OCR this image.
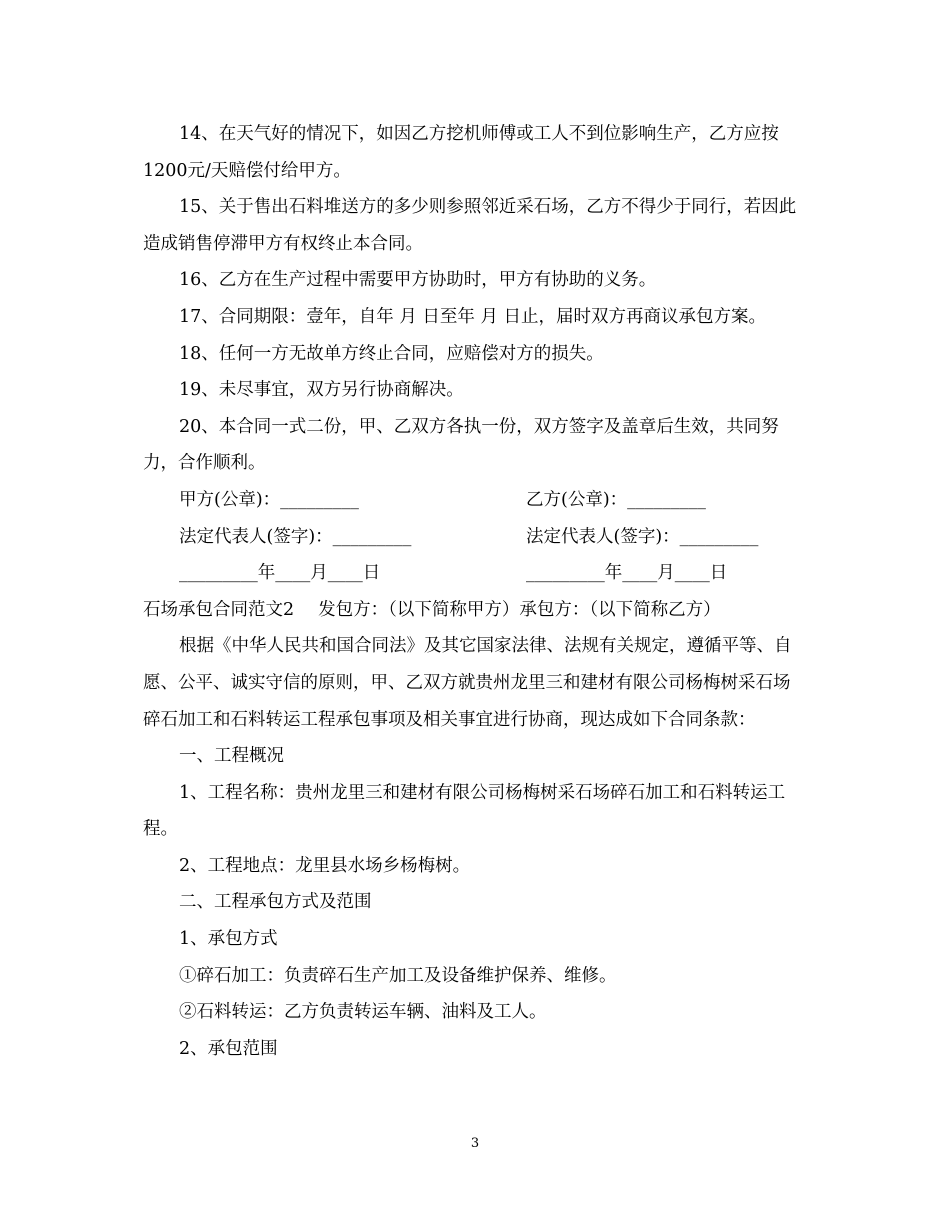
14、在天气好的情况下，如因乙方挖机师傅或工人不到位影响生产，乙方应按1200元/天赔偿付给甲方。

15、关于售出石料堆送方的多少则参照邻近采石场，乙方不得少于同行，若因此造成销售停滞甲方有权终止本合同。

16、乙方在生产过程中需要甲方协助时，甲方有协助的义务。

17、合同期限：壹年，自年 月 日至年 月 日止，届时双方再商议承包方案。

18、任何一方无故单方终止合同，应赔偿对方的损失。

19、未尽事宜，双方另行协商解决。

20、本合同一式二份，甲、乙双方各执一份，双方签字及盖章后生效，共同努力，合作顺利。

甲方(公章)：_________	乙方(公章)：_________
法定代表人(签字)：_________	法定代表人(签字)：_________
_________年____月____日	_________年____月____日

石场承包合同范文2 发包方：（以下简称甲方）承包方：（以下简称乙方）

根据《中华人民共和国合同法》及其它国家法律、法规有关规定，遵循平等、自愿、公平、诚实守信的原则，甲、乙双方就贵州龙里三和建材有限公司杨梅树采石场碎石加工和石料转运工程承包事项及相关事宜进行协商，现达成如下合同条款：

一、工程概况

1、工程名称：贵州龙里三和建材有限公司杨梅树采石场碎石加工和石料转运工程。

2、工程地点：龙里县水场乡杨梅树。

二、工程承包方式及范围

1、承包方式

①碎石加工：负责碎石生产加工及设备维护保养、维修。

②石料转运：乙方负责转运车辆、油料及工人。

2、承包范围

3
